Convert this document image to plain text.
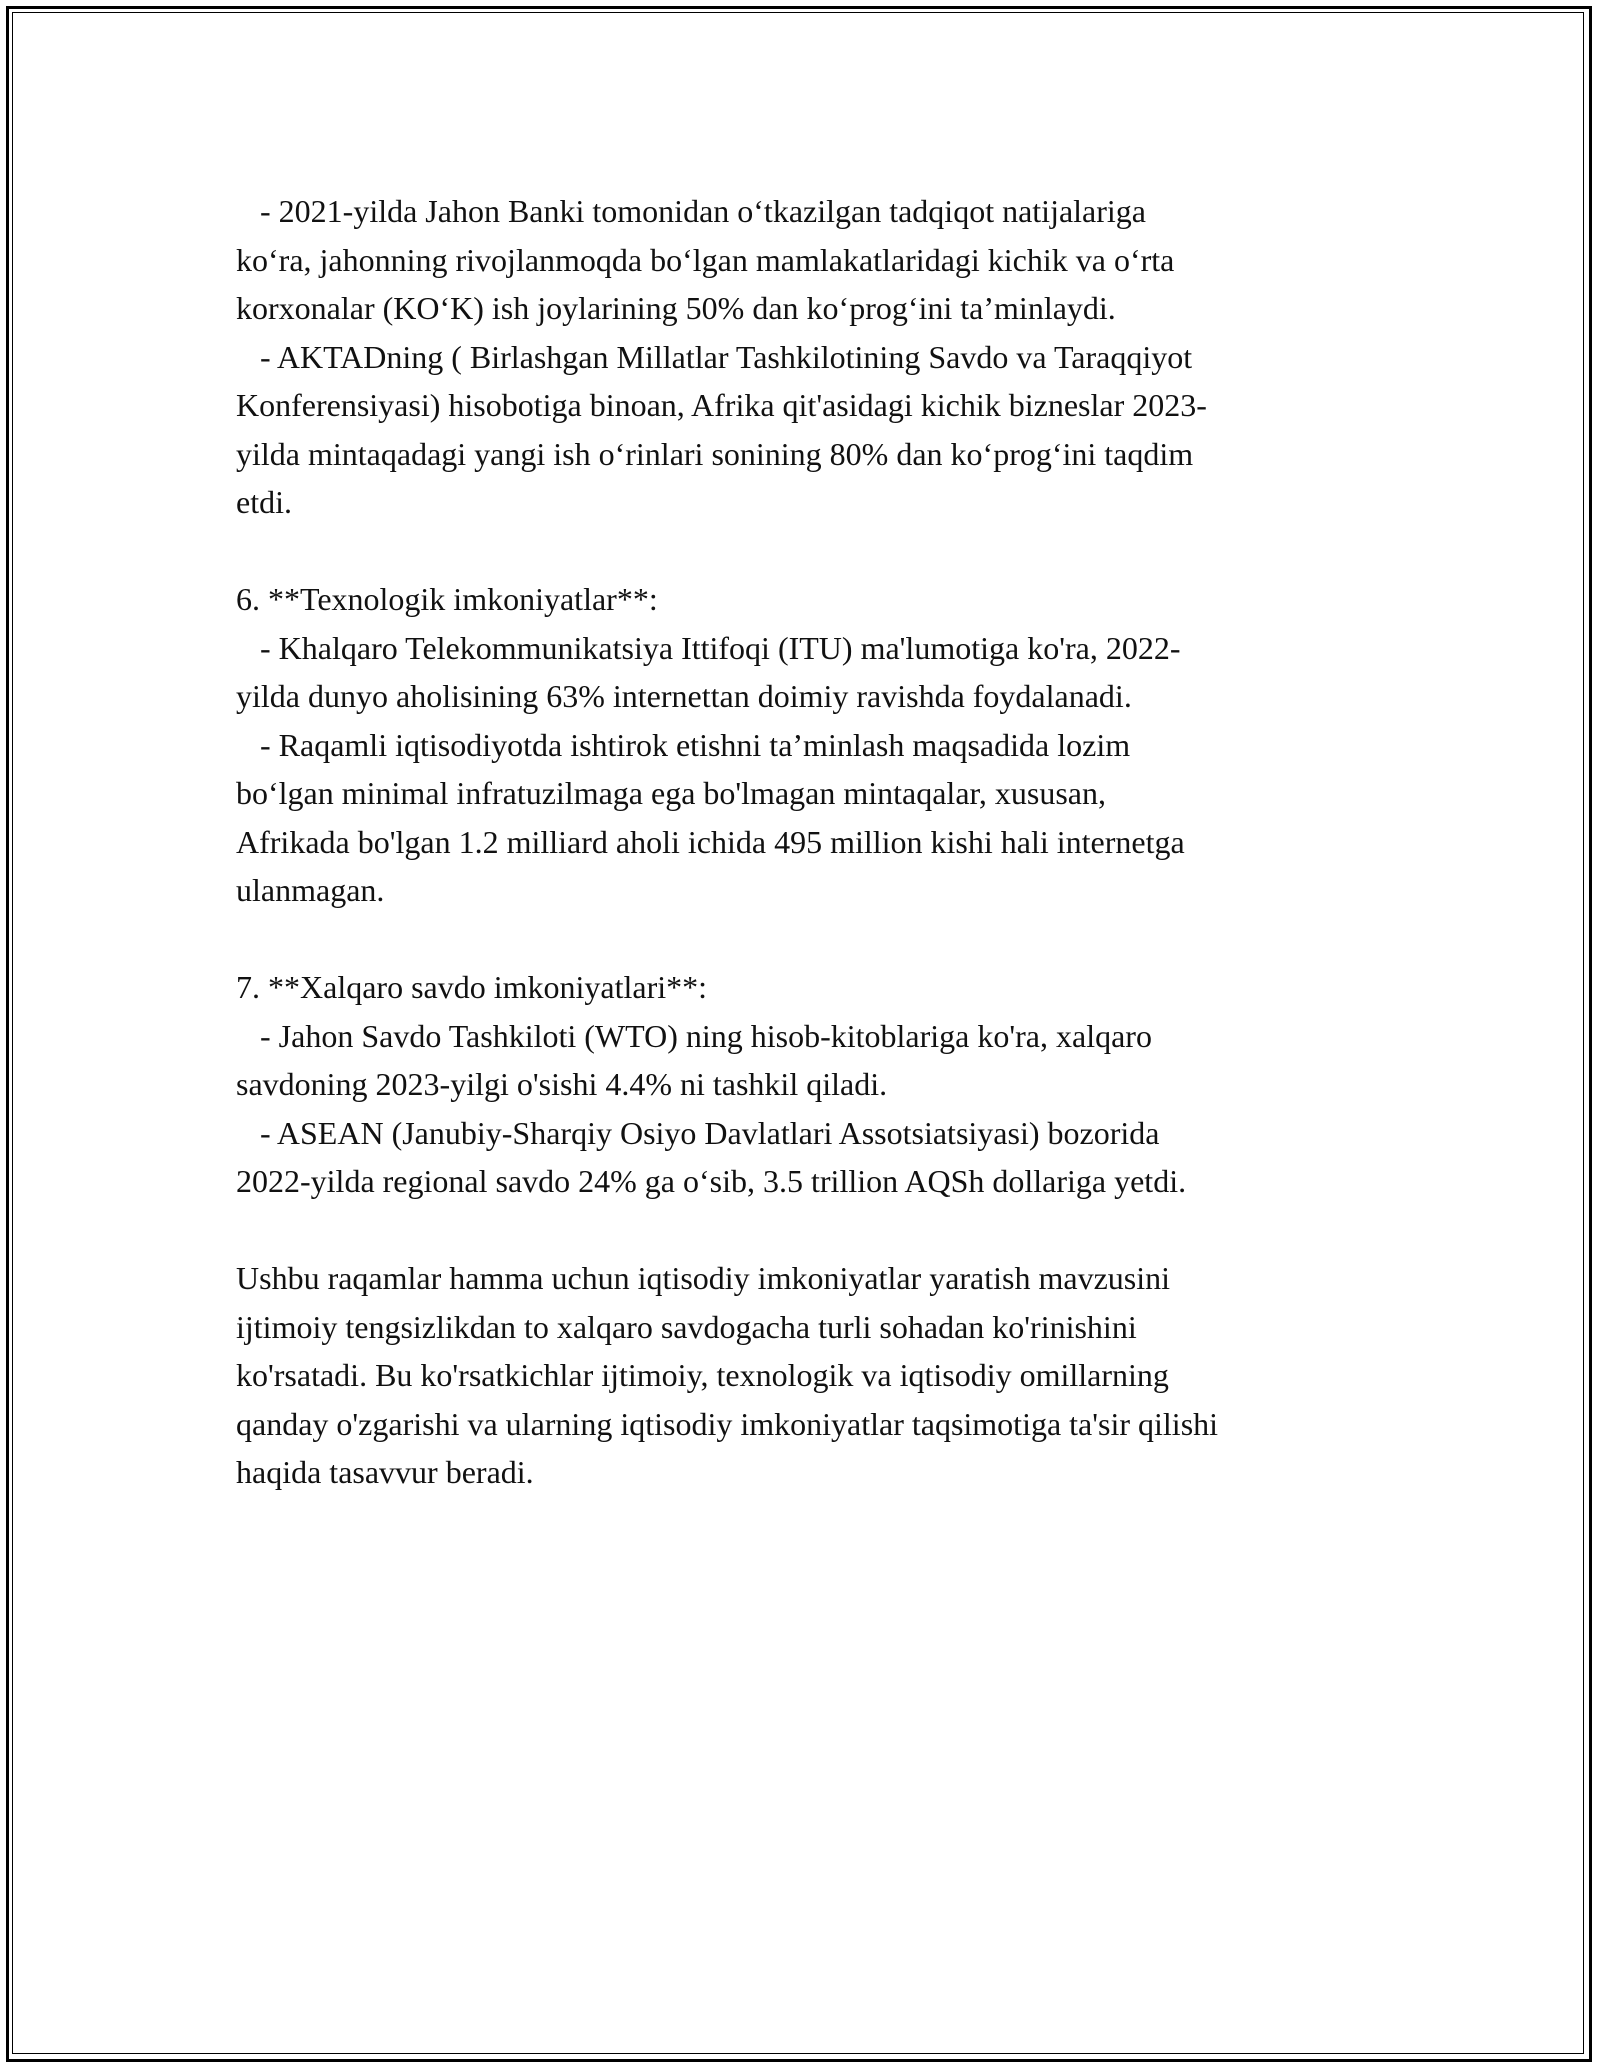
- 2021-yilda Jahon Banki tomonidan o‘tkazilgan tadqiqot natijalariga
ko‘ra, jahonning rivojlanmoqda bo‘lgan mamlakatlaridagi kichik va o‘rta
korxonalar (KO‘K) ish joylarining 50% dan ko‘prog‘ini ta’minlaydi.
- AKTADning ( Birlashgan Millatlar Tashkilotining Savdo va Taraqqiyot
Konferensiyasi) hisobotiga binoan, Afrika qit'asidagi kichik bizneslar 2023-
yilda mintaqadagi yangi ish o‘rinlari sonining 80% dan ko‘prog‘ini taqdim
etdi.
6. **Texnologik imkoniyatlar**:
- Khalqaro Telekommunikatsiya Ittifoqi (ITU) ma'lumotiga ko'ra, 2022-
yilda dunyo aholisining 63% internettan doimiy ravishda foydalanadi.
- Raqamli iqtisodiyotda ishtirok etishni ta’minlash maqsadida lozim
bo‘lgan minimal infratuzilmaga ega bo'lmagan mintaqalar, xususan,
Afrikada bo'lgan 1.2 milliard aholi ichida 495 million kishi hali internetga
ulanmagan.
7. **Xalqaro savdo imkoniyatlari**:
- Jahon Savdo Tashkiloti (WTO) ning hisob-kitoblariga ko'ra, xalqaro
savdoning 2023-yilgi o'sishi 4.4% ni tashkil qiladi.
- ASEAN (Janubiy-Sharqiy Osiyo Davlatlari Assotsiatsiyasi) bozorida
2022-yilda regional savdo 24% ga o‘sib, 3.5 trillion AQSh dollariga yetdi.
Ushbu raqamlar hamma uchun iqtisodiy imkoniyatlar yaratish mavzusini
ijtimoiy tengsizlikdan to xalqaro savdogacha turli sohadan ko'rinishini
ko'rsatadi. Bu ko'rsatkichlar ijtimoiy, texnologik va iqtisodiy omillarning
qanday o'zgarishi va ularning iqtisodiy imkoniyatlar taqsimotiga ta'sir qilishi
haqida tasavvur beradi.
